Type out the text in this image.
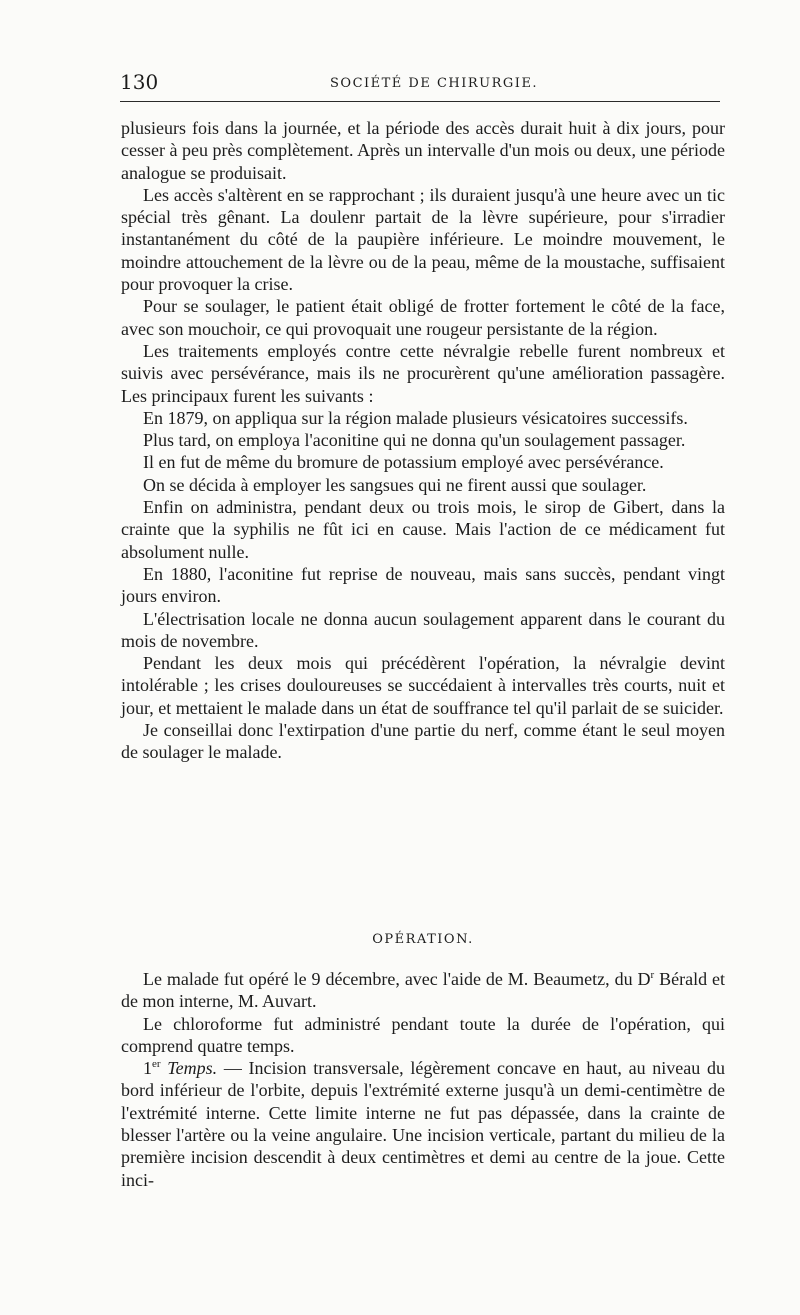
130	SOCIÉTÉ DE CHIRURGIE.

plusieurs fois dans la journée, et la période des accès durait huit à dix jours, pour cesser à peu près complètement. Après un intervalle d'un mois ou deux, une période analogue se produisait.

Les accès s'altèrent en se rapprochant ; ils duraient jusqu'à une heure avec un tic spécial très gênant. La doulenr partait de la lèvre supérieure, pour s'irradier instantanément du côté de la paupière inférieure. Le moindre mouvement, le moindre attouchement de la lèvre ou de la peau, même de la moustache, suffisaient pour provoquer la crise.

Pour se soulager, le patient était obligé de frotter fortement le côté de la face, avec son mouchoir, ce qui provoquait une rougeur persistante de la région.

Les traitements employés contre cette névralgie rebelle furent nombreux et suivis avec persévérance, mais ils ne procurèrent qu'une amélioration passagère. Les principaux furent les suivants :

En 1879, on appliqua sur la région malade plusieurs vésicatoires successifs.

Plus tard, on employa l'aconitine qui ne donna qu'un soulagement passager.

Il en fut de même du bromure de potassium employé avec persévérance.

On se décida à employer les sangsues qui ne firent aussi que soulager.

Enfin on administra, pendant deux ou trois mois, le sirop de Gibert, dans la crainte que la syphilis ne fût ici en cause. Mais l'action de ce médicament fut absolument nulle.

En 1880, l'aconitine fut reprise de nouveau, mais sans succès, pendant vingt jours environ.

L'électrisation locale ne donna aucun soulagement apparent dans le courant du mois de novembre.

Pendant les deux mois qui précédèrent l'opération, la névralgie devint intolérable ; les crises douloureuses se succédaient à intervalles très courts, nuit et jour, et mettaient le malade dans un état de souffrance tel qu'il parlait de se suicider.

Je conseillai donc l'extirpation d'une partie du nerf, comme étant le seul moyen de soulager le malade.

OPÉRATION.

Le malade fut opéré le 9 décembre, avec l'aide de M. Beaumetz, du $D^r$ Bérald et de mon interne, M. Auvart.

Le chloroforme fut administré pendant toute la durée de l'opération, qui comprend quatre temps.

1er Temps. — Incision transversale, légèrement concave en haut, au niveau du bord inférieur de l'orbite, depuis l'extrémité externe jusqu'à un demi-centimètre de l'extrémité interne. Cette limite interne ne fut pas dépassée, dans la crainte de blesser l'artère ou la veine angulaire. Une incision verticale, partant du milieu de la première incision descendit à deux centimètres et demi au centre de la joue. Cette inci-
